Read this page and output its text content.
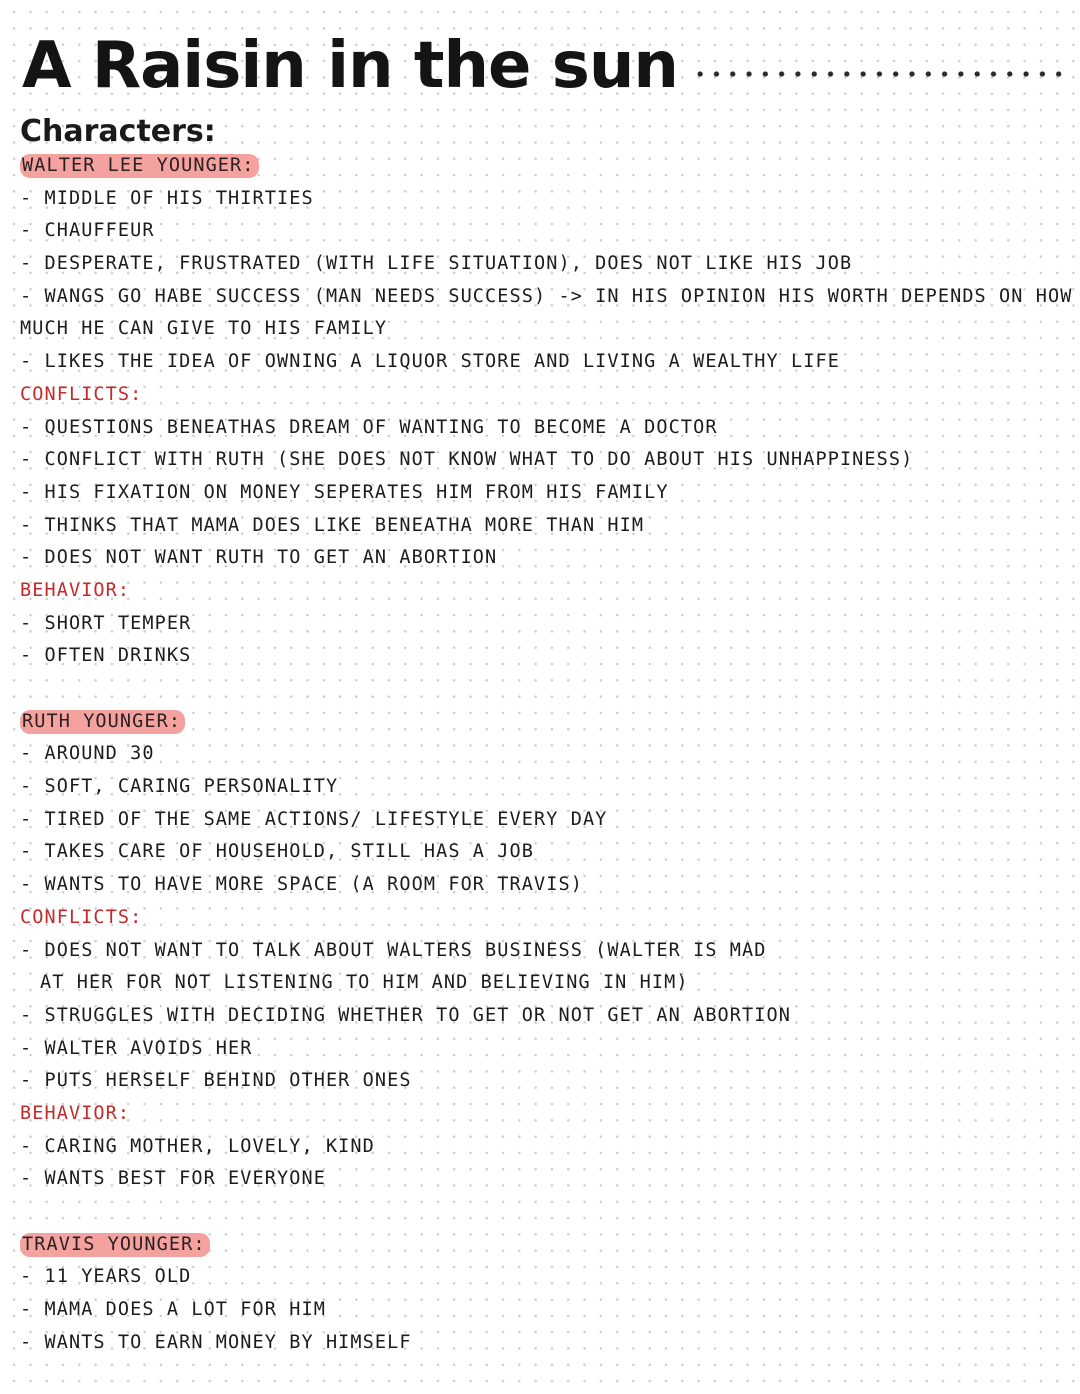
A Raisin in the sun
Characters:
WALTER LEE YOUNGER:
- MIDDLE OF HIS THIRTIES
- CHAUFFEUR
- DESPERATE, FRUSTRATED (WITH LIFE SITUATION), DOES NOT LIKE HIS JOB
- WANGS GO HABE SUCCESS (MAN NEEDS SUCCESS) -> IN HIS OPINION HIS WORTH DEPENDS ON HOW
MUCH HE CAN GIVE TO HIS FAMILY
- LIKES THE IDEA OF OWNING A LIQUOR STORE AND LIVING A WEALTHY LIFE
CONFLICTS:
- QUESTIONS BENEATHAS DREAM OF WANTING TO BECOME A DOCTOR
- CONFLICT WITH RUTH (SHE DOES NOT KNOW WHAT TO DO ABOUT HIS UNHAPPINESS)
- HIS FIXATION ON MONEY SEPERATES HIM FROM HIS FAMILY
- THINKS THAT MAMA DOES LIKE BENEATHA MORE THAN HIM
- DOES NOT WANT RUTH TO GET AN ABORTION
BEHAVIOR:
- SHORT TEMPER
- OFTEN DRINKS
RUTH YOUNGER:
- AROUND 30
- SOFT, CARING PERSONALITY
- TIRED OF THE SAME ACTIONS/ LIFESTYLE EVERY DAY
- TAKES CARE OF HOUSEHOLD, STILL HAS A JOB
- WANTS TO HAVE MORE SPACE (A ROOM FOR TRAVIS)
CONFLICTS:
- DOES NOT WANT TO TALK ABOUT WALTERS BUSINESS (WALTER IS MAD
AT HER FOR NOT LISTENING TO HIM AND BELIEVING IN HIM)
- STRUGGLES WITH DECIDING WHETHER TO GET OR NOT GET AN ABORTION
- WALTER AVOIDS HER
- PUTS HERSELF BEHIND OTHER ONES
BEHAVIOR:
- CARING MOTHER, LOVELY, KIND
- WANTS BEST FOR EVERYONE
TRAVIS YOUNGER:
- 11 YEARS OLD
- MAMA DOES A LOT FOR HIM
- WANTS TO EARN MONEY BY HIMSELF
